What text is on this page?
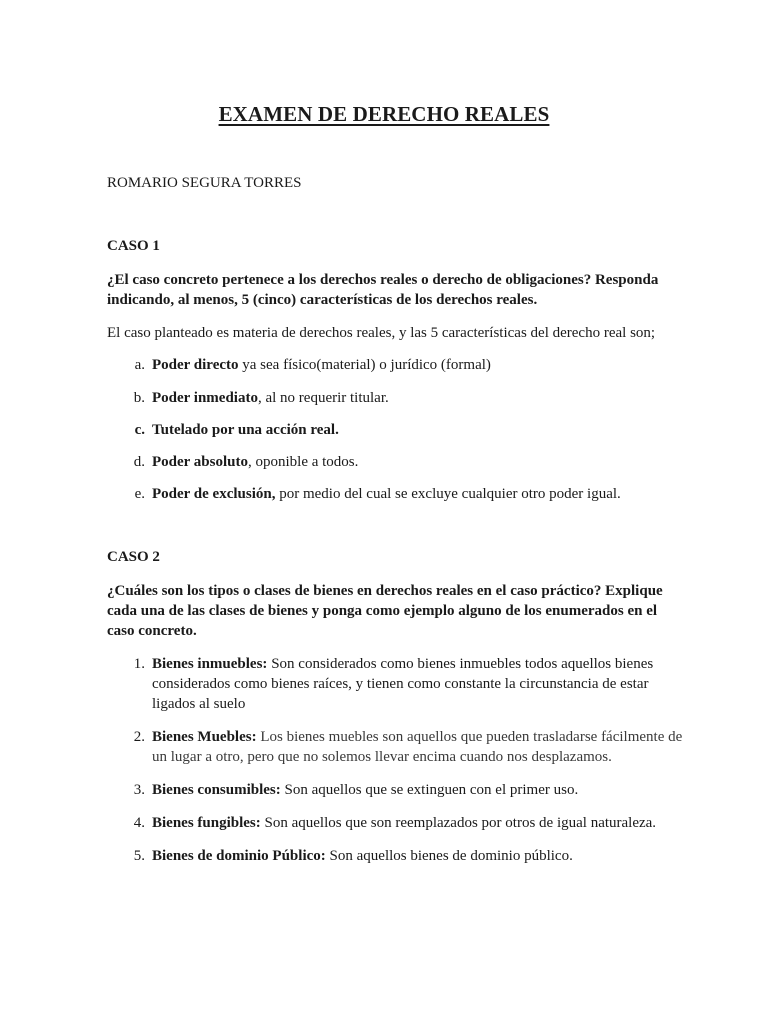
EXAMEN DE DERECHO REALES
ROMARIO SEGURA TORRES
CASO 1
¿El caso concreto pertenece a los derechos reales o derecho de obligaciones? Responda indicando, al menos, 5 (cinco) características de los derechos reales.
El caso planteado es materia de derechos reales, y las 5 características del derecho real son;
a. Poder directo ya sea físico(material) o jurídico (formal)
b. Poder inmediato, al no requerir titular.
c. Tutelado por una acción real.
d. Poder absoluto, oponible a todos.
e. Poder de exclusión, por medio del cual se excluye cualquier otro poder igual.
CASO 2
¿Cuáles son los tipos o clases de bienes en derechos reales en el caso práctico? Explique cada una de las clases de bienes y ponga como ejemplo alguno de los enumerados en el caso concreto.
1. Bienes inmuebles: Son considerados como bienes inmuebles todos aquellos bienes considerados como bienes raíces, y tienen como constante la circunstancia de estar ligados al suelo
2. Bienes Muebles: Los bienes muebles son aquellos que pueden trasladarse fácilmente de un lugar a otro, pero que no solemos llevar encima cuando nos desplazamos.
3. Bienes consumibles: Son aquellos que se extinguen con el primer uso.
4. Bienes fungibles: Son aquellos que son reemplazados por otros de igual naturaleza.
5. Bienes de dominio Público: Son aquellos bienes de dominio público.
